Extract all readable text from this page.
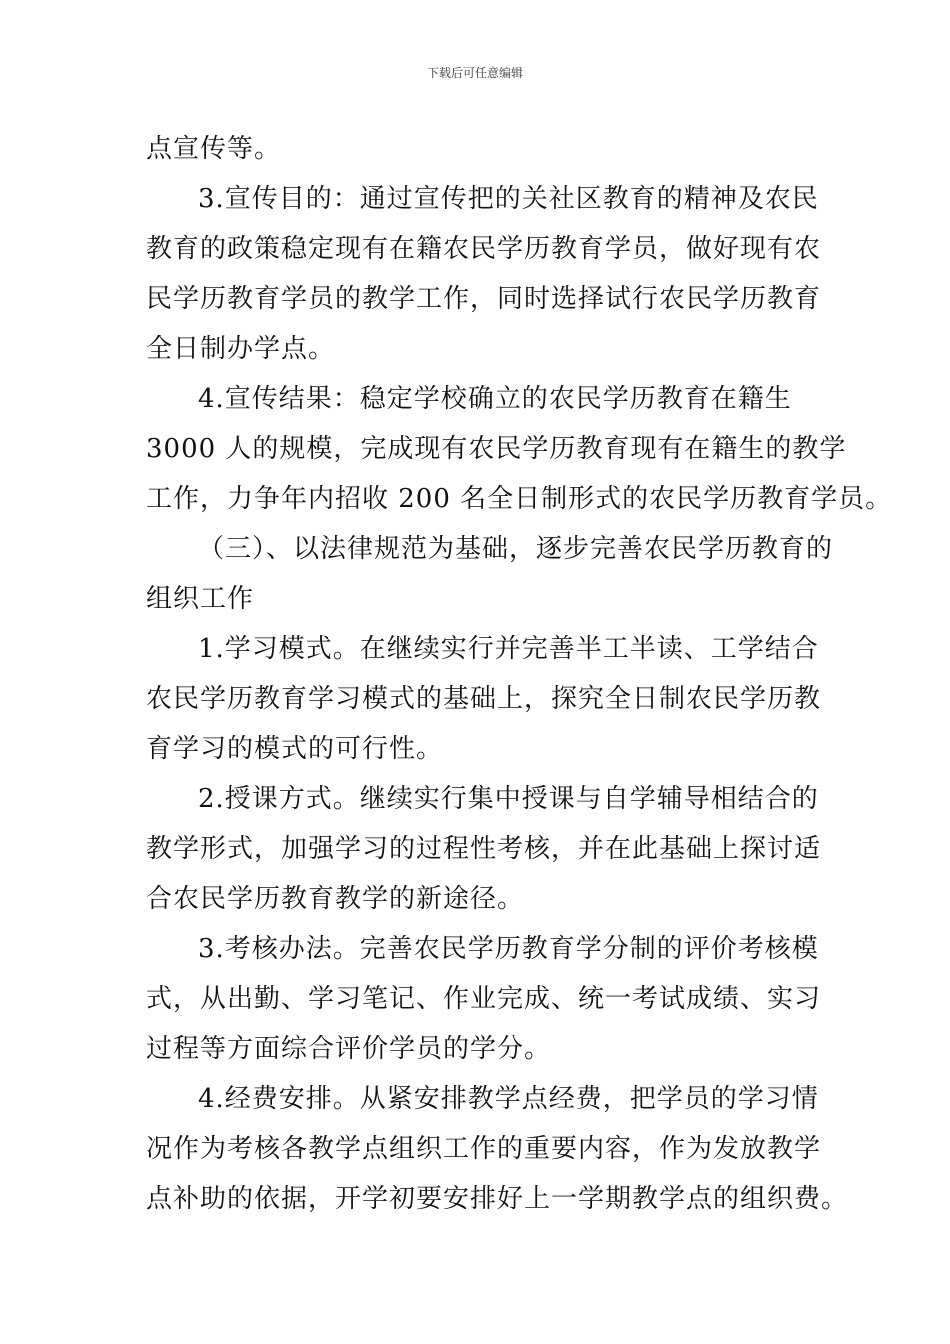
下载后可任意编辑
点宣传等。
3.宣传目的：通过宣传把的关社区教育的精神及农民
教育的政策稳定现有在籍农民学历教育学员，做好现有农
民学历教育学员的教学工作，同时选择试行农民学历教育
全日制办学点。
4.宣传结果：稳定学校确立的农民学历教育在籍生
3000 人的规模，完成现有农民学历教育现有在籍生的教学
工作，力争年内招收 200 名全日制形式的农民学历教育学员。
（三）、以法律规范为基础，逐步完善农民学历教育的
组织工作
1.学习模式。在继续实行并完善半工半读、工学结合
农民学历教育学习模式的基础上，探究全日制农民学历教
育学习的模式的可行性。
2.授课方式。继续实行集中授课与自学辅导相结合的
教学形式，加强学习的过程性考核，并在此基础上探讨适
合农民学历教育教学的新途径。
3.考核办法。完善农民学历教育学分制的评价考核模
式，从出勤、学习笔记、作业完成、统一考试成绩、实习
过程等方面综合评价学员的学分。
4.经费安排。从紧安排教学点经费，把学员的学习情
况作为考核各教学点组织工作的重要内容，作为发放教学
点补助的依据，开学初要安排好上一学期教学点的组织费。
